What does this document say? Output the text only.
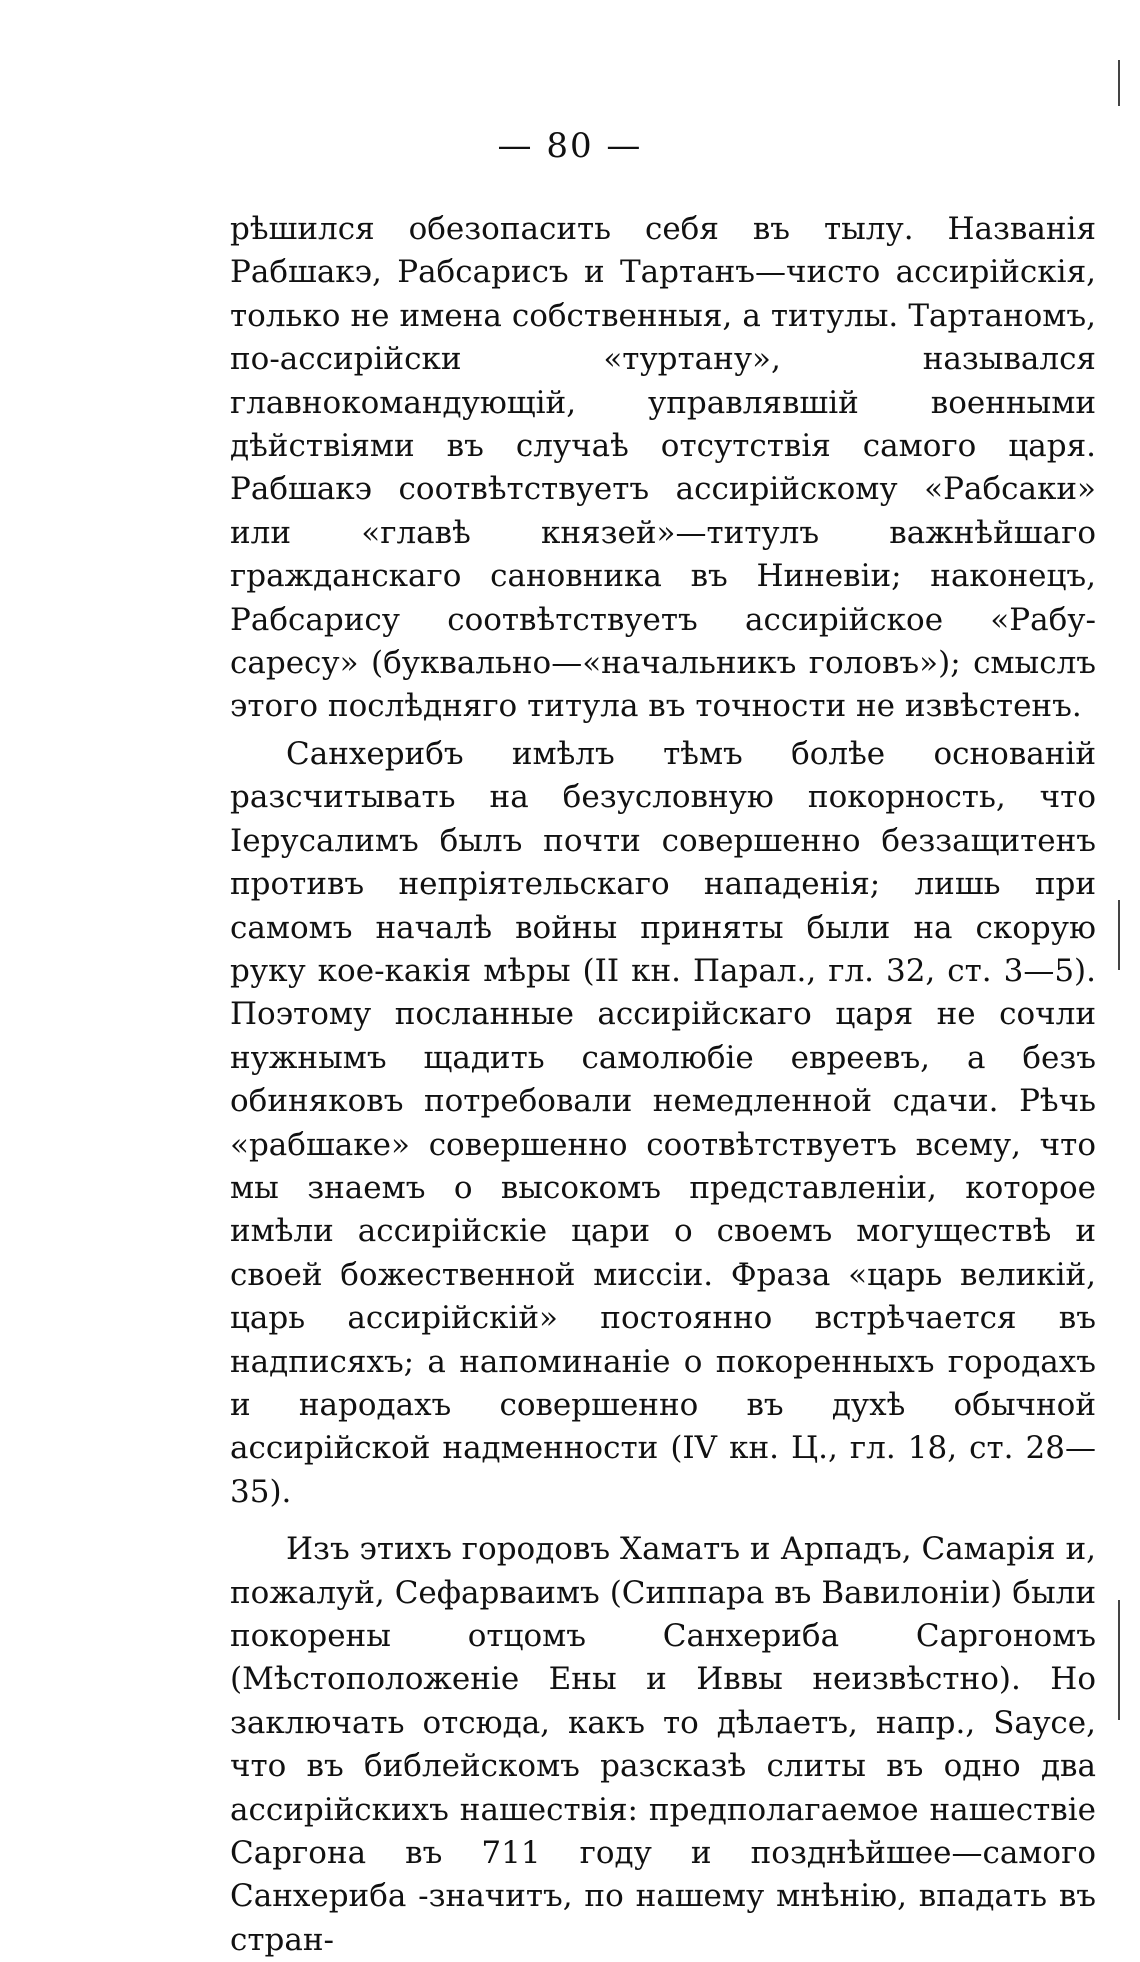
— 80 —

рѣшился обезопасить себя въ тылу. Названія Рабшакэ, Рабсарисъ и Тартанъ—чисто ассирійскія, только не имена собственныя, а титулы. Тартаномъ, по-ассирійски «туртану», назывался главнокомандующій, управлявшій военными дѣйствіями въ случаѣ отсутствія самого царя. Рабшакэ соотвѣтствуетъ ассирійскому «Рабсаки» или «главѣ князей»—титулъ важнѣйшаго гражданскаго сановника въ Ниневіи; наконецъ, Рабсарису соотвѣтствуетъ ассирійское «Рабу-саресу» (буквально—«начальникъ головъ»); смыслъ этого послѣдняго титула въ точности не извѣстенъ.

Санхерибъ имѣлъ тѣмъ болѣе основаній разсчитывать на безусловную покорность, что Іерусалимъ былъ почти совершенно беззащитенъ противъ непріятельскаго нападенія; лишь при самомъ началѣ войны приняты были на скорую руку кое-какія мѣры (II кн. Парал., гл. 32, ст. 3—5). Поэтому посланные ассирійскаго царя не сочли нужнымъ щадить самолюбіе евреевъ, а безъ обиняковъ потребовали немедленной сдачи. Рѣчь «рабшаке» совершенно соотвѣтствуетъ всему, что мы знаемъ о высокомъ представленіи, которое имѣли ассирійскіе цари о своемъ могуществѣ и своей божественной миссіи. Фраза «царь великій, царь ассирійскій» постоянно встрѣчается въ надписяхъ; а напоминаніе о покоренныхъ городахъ и народахъ совершенно въ духѣ обычной ассирійской надменности (IV кн. Ц., гл. 18, ст. 28—35).

Изъ этихъ городовъ Хаматъ и Арпадъ, Самарія и, пожалуй, Сефарваимъ (Сиппара въ Вавилоніи) были покорены отцомъ Санхериба Саргономъ (Мѣстоположеніе Ены и Иввы неизвѣстно). Но заключать отсюда, какъ то дѣлаетъ, напр., Sayce, что въ библейскомъ разсказѣ слиты въ одно два ассирійскихъ нашествія: предполагаемое нашествіе Саргона въ 711 году и позднѣйшее—самого Санхериба -значитъ, по нашему мнѣнію, впадать въ стран-
